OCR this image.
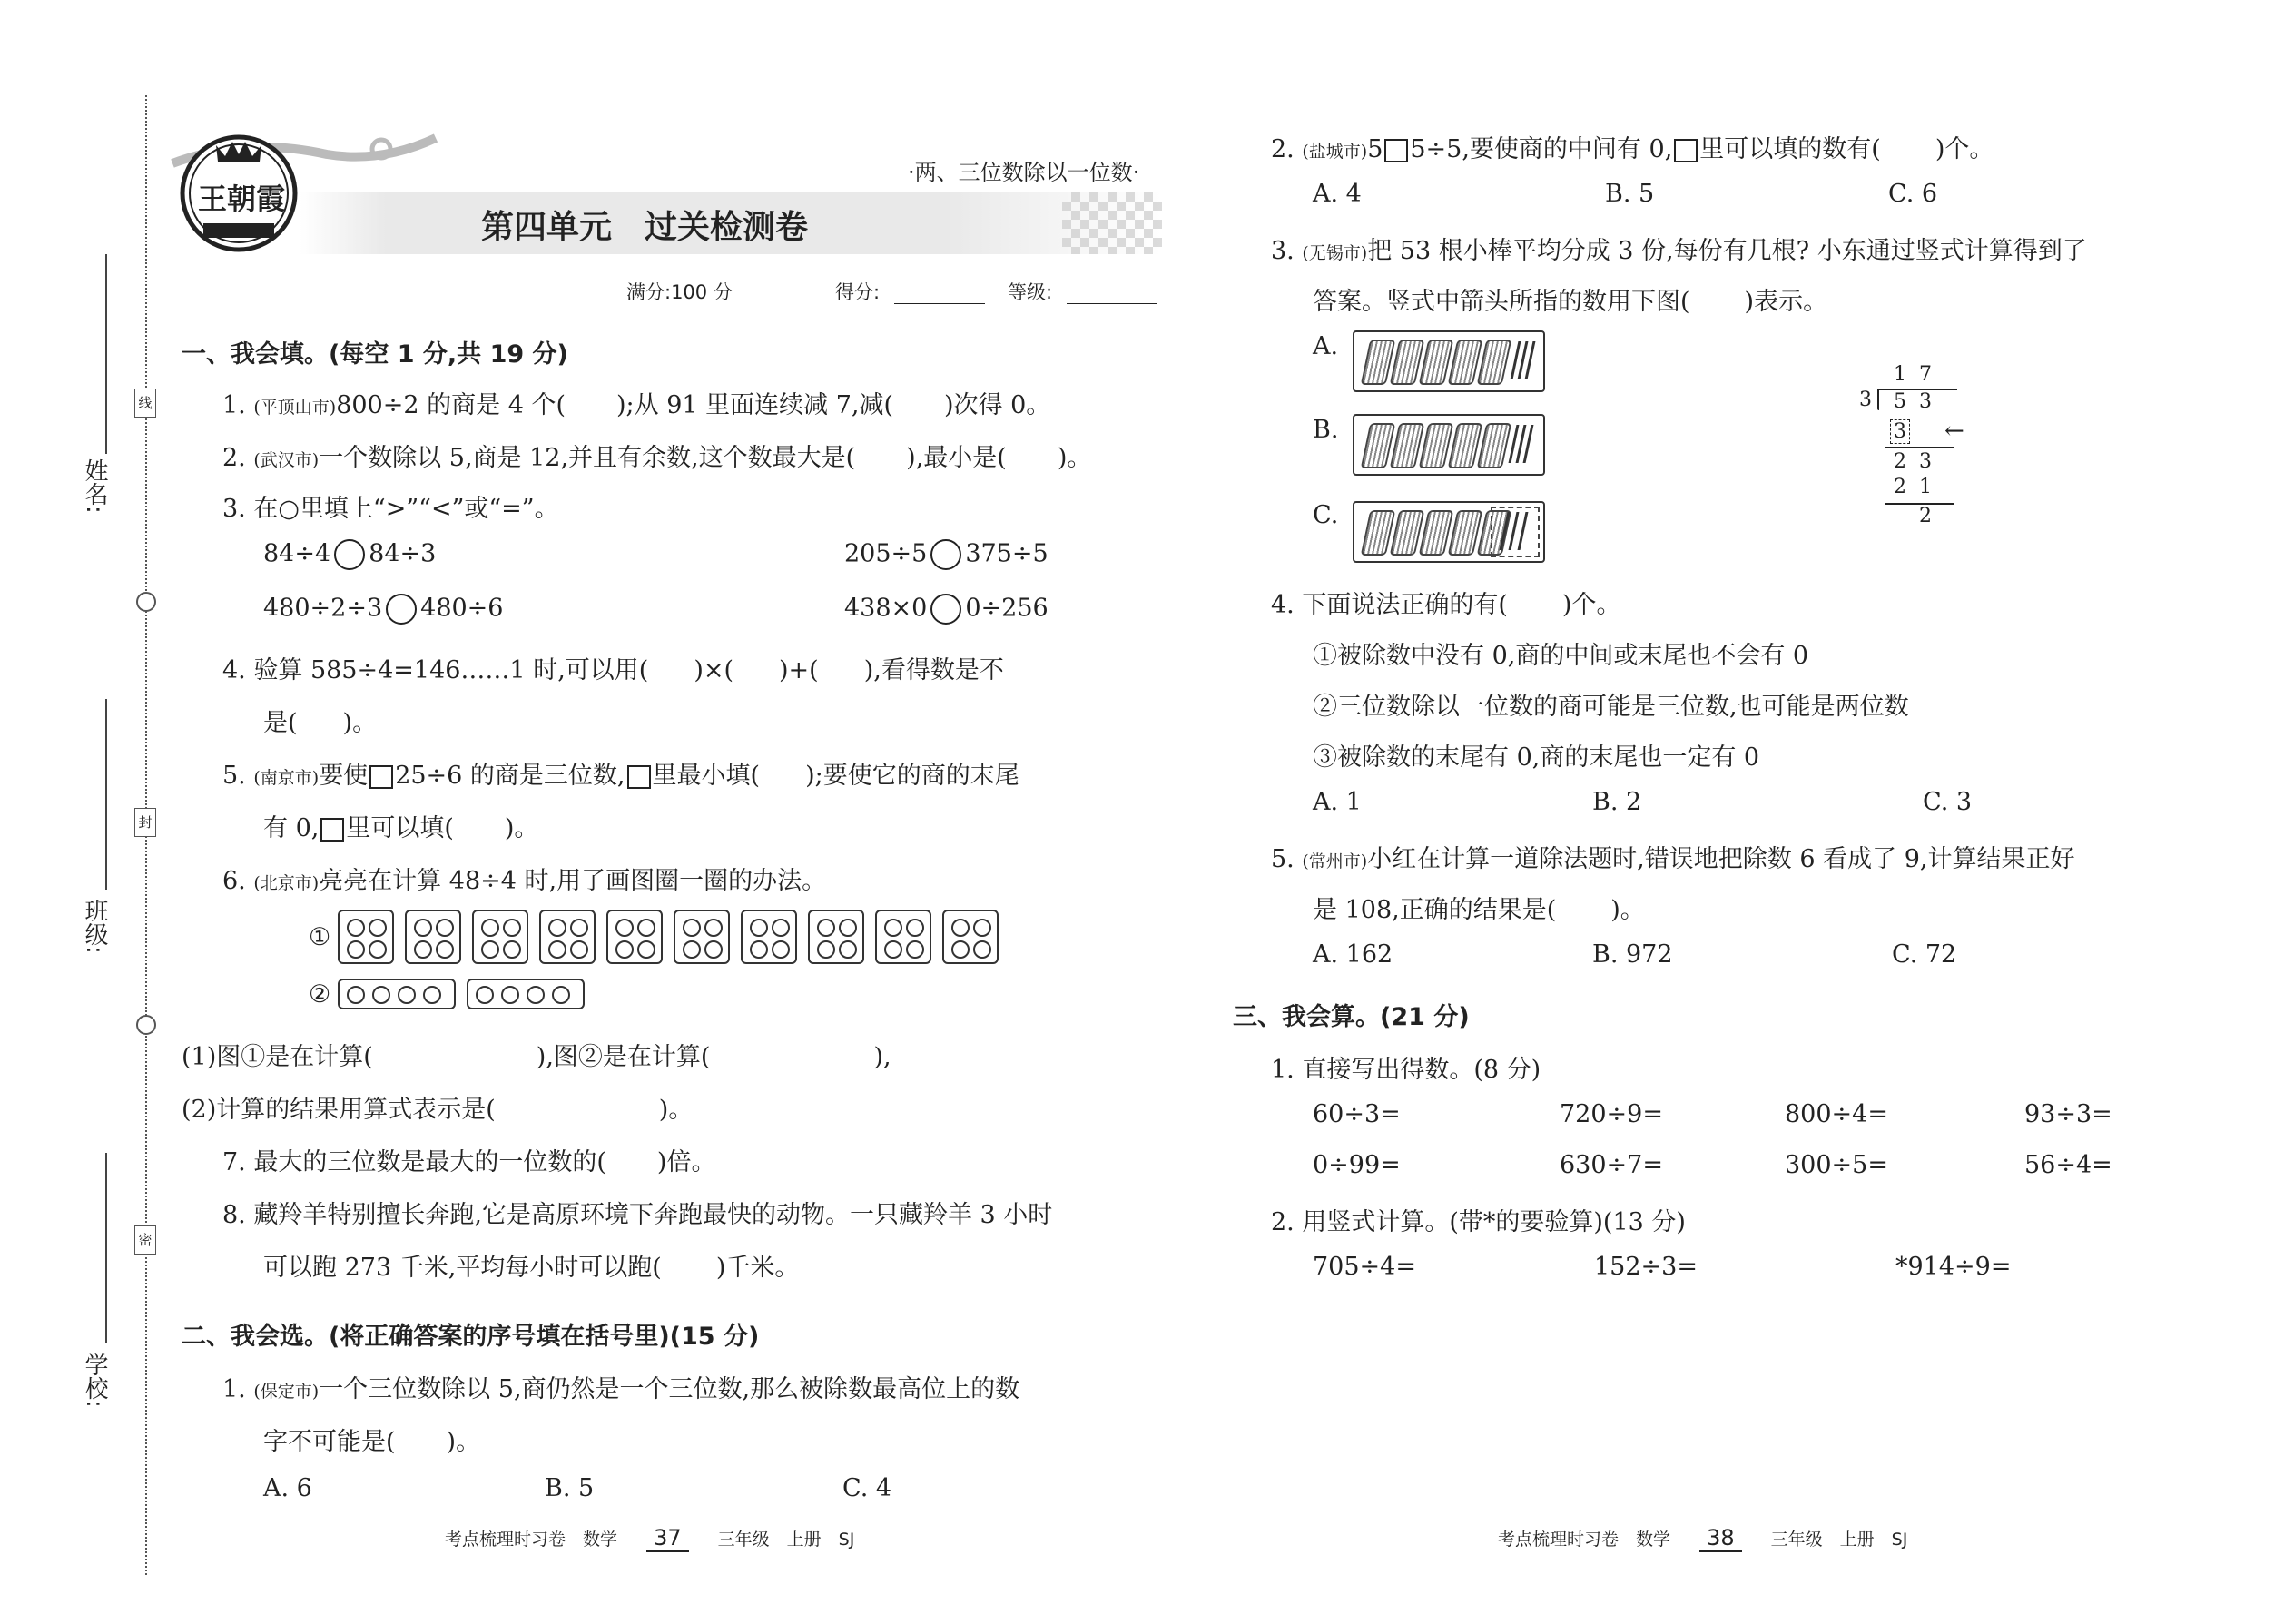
线
封
密
姓名:
班级:
学校:
王朝霞
·两、三位数除以一位数·
第四单元　过关检测卷
满分:100 分	得分:	等级:
一、我会填。(每空 1 分,共 19 分)
1. (平顶山市)800÷2 的商是 4 个( );从 91 里面连续减 7,减( )次得 0。
2. (武汉市)一个数除以 5,商是 12,并且有余数,这个数最大是( ),最小是( )。
3. 在○里填上“>”“<”或“=”。
84÷4 84÷3	205÷5 375÷5
480÷2÷3 480÷6	438×0 0÷256
4. 验算 585÷4=146……1 时,可以用( )×( )+( ),看得数是不
是( )。
5. (南京市)要使 25÷6 的商是三位数, 里最小填( );要使它的商的末尾
有 0, 里可以填( )。
6. (北京市)亮亮在计算 48÷4 时,用了画图圈一圈的办法。
①
②
(1)图①是在计算(	),图②是在计算(	),
(2)计算的结果用算式表示是(	)。
7. 最大的三位数是最大的一位数的( )倍。
8. 藏羚羊特别擅长奔跑,它是高原环境下奔跑最快的动物。一只藏羚羊 3 小时
可以跑 273 千米,平均每小时可以跑( )千米。
二、我会选。(将正确答案的序号填在括号里)(15 分)
1. (保定市)一个三位数除以 5,商仍然是一个三位数,那么被除数最高位上的数
字不可能是( )。
A. 6	B. 5	C. 4
考点梳理时习卷　数学 37 三年级　上册　SJ
2. (盐城市)5 5÷5,要使商的中间有 0, 里可以填的数有( )个。
A. 4	B. 5	C. 6
3. (无锡市)把 53 根小棒平均分成 3 份,每份有几根? 小东通过竖式计算得到了
答案。竖式中箭头所指的数用下图( )表示。
A.
B.
C.
1 7
3 5 3
3 ←
2 3
2 1
2
4. 下面说法正确的有( )个。
①被除数中没有 0,商的中间或末尾也不会有 0
②三位数除以一位数的商可能是三位数,也可能是两位数
③被除数的末尾有 0,商的末尾也一定有 0
A. 1	B. 2	C. 3
5. (常州市)小红在计算一道除法题时,错误地把除数 6 看成了 9,计算结果正好
是 108,正确的结果是( )。
A. 162	B. 972	C. 72
三、我会算。(21 分)
1. 直接写出得数。(8 分)
60÷3=	720÷9=	800÷4=	93÷3=
0÷99=	630÷7=	300÷5=	56÷4=
2. 用竖式计算。(带*的要验算)(13 分)
705÷4=	152÷3=	*914÷9=
考点梳理时习卷　数学 38 三年级　上册　SJ
